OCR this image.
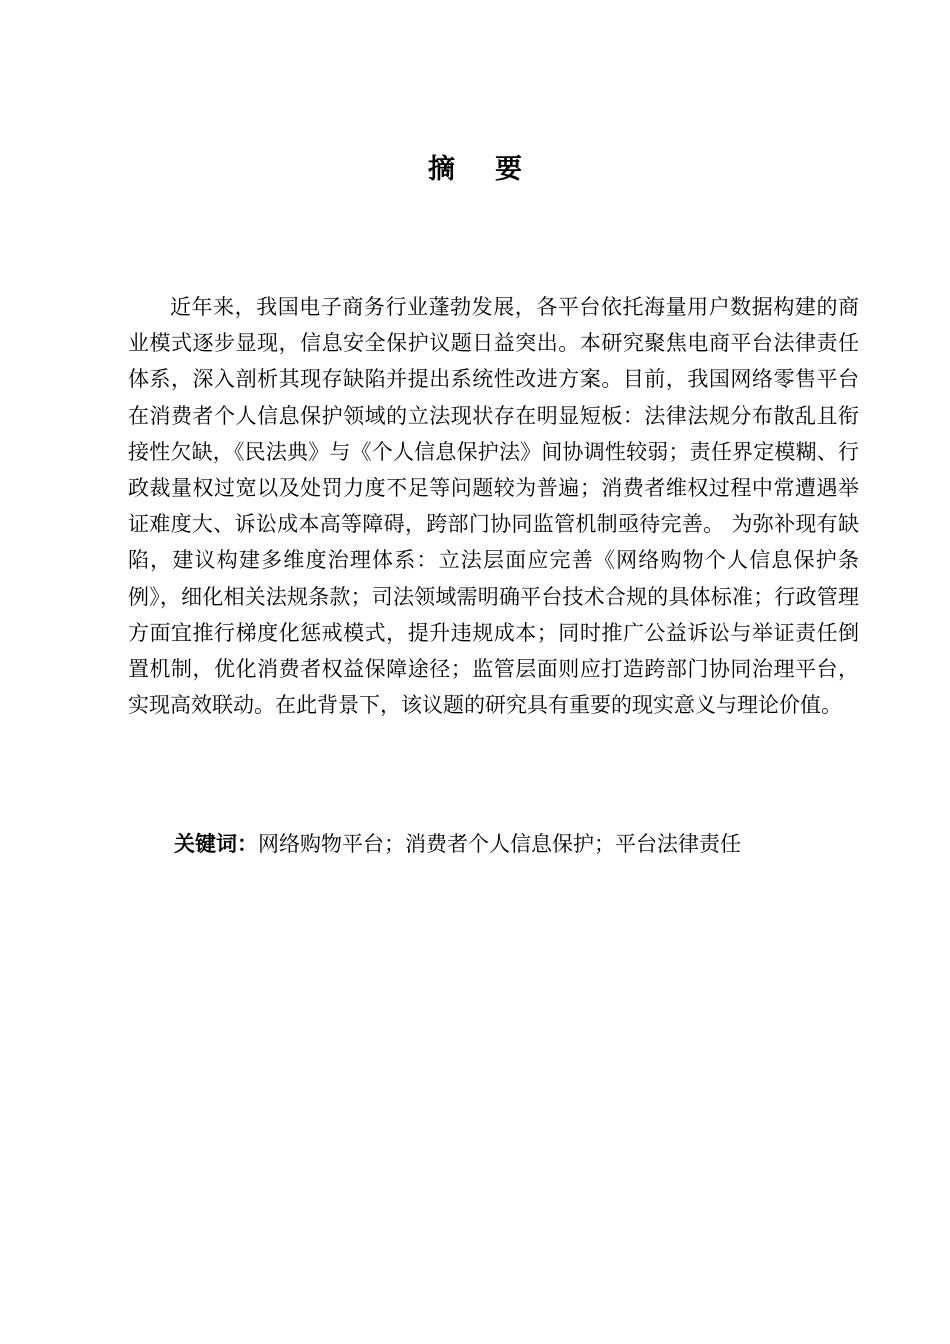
摘 要

近年来，我国电子商务行业蓬勃发展，各平台依托海量用户数据构建的商业模式逐步显现，信息安全保护议题日益突出。本研究聚焦电商平台法律责任体系，深入剖析其现存缺陷并提出系统性改进方案。目前，我国网络零售平台在消费者个人信息保护领域的立法现状存在明显短板：法律法规分布散乱且衔接性欠缺，《民法典》与《个人信息保护法》间协调性较弱；责任界定模糊、行政裁量权过宽以及处罚力度不足等问题较为普遍；消费者维权过程中常遭遇举证难度大、诉讼成本高等障碍，跨部门协同监管机制亟待完善。 为弥补现有缺陷，建议构建多维度治理体系：立法层面应完善《网络购物个人信息保护条例》，细化相关法规条款；司法领域需明确平台技术合规的具体标准；行政管理方面宜推行梯度化惩戒模式，提升违规成本；同时推广公益诉讼与举证责任倒置机制，优化消费者权益保障途径；监管层面则应打造跨部门协同治理平台，实现高效联动。在此背景下，该议题的研究具有重要的现实意义与理论价值。

关键词：网络购物平台；消费者个人信息保护；平台法律责任
